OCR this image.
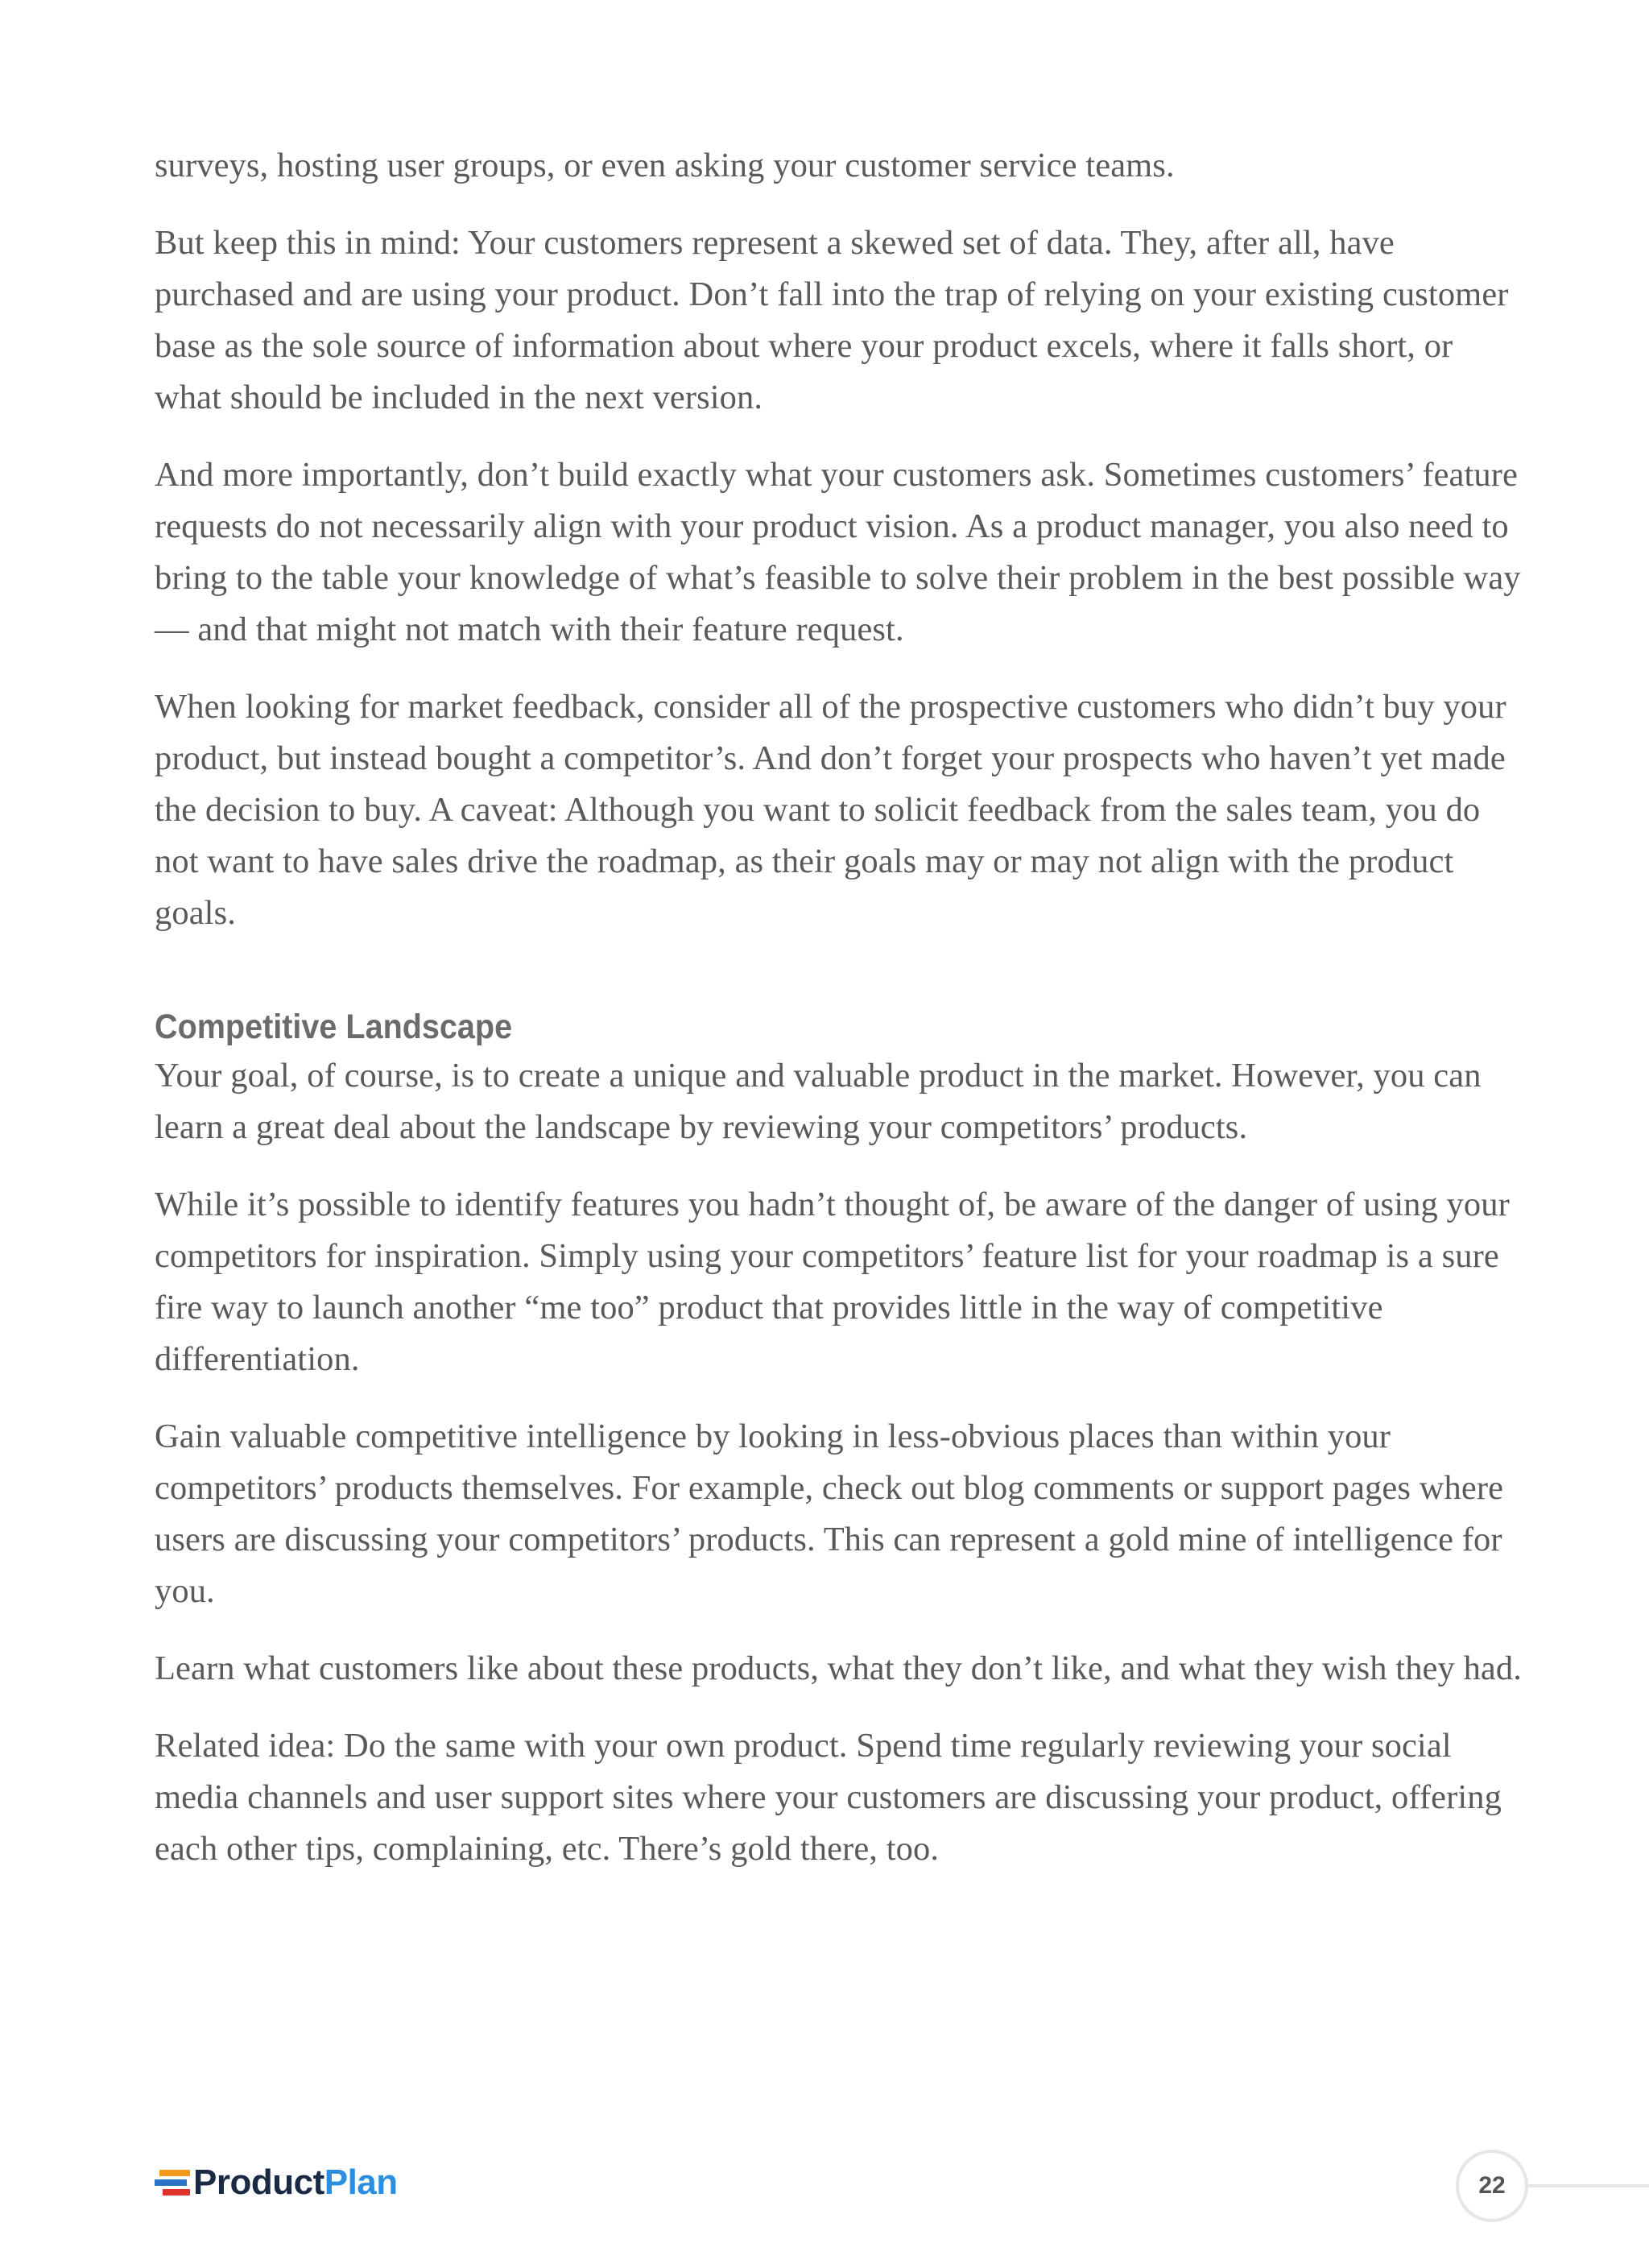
surveys, hosting user groups, or even asking your customer service teams.

But keep this in mind: Your customers represent a skewed set of data. They, after all, have purchased and are using your product. Don’t fall into the trap of relying on your existing customer base as the sole source of information about where your product excels, where it falls short, or what should be included in the next version.

And more importantly, don’t build exactly what your customers ask. Sometimes customers’ feature requests do not necessarily align with your product vision. As a product manager, you also need to bring to the table your knowledge of what’s feasible to solve their problem in the best possible way — and that might not match with their feature request.

When looking for market feedback, consider all of the prospective customers who didn’t buy your product, but instead bought a competitor’s. And don’t forget your prospects who haven’t yet made the decision to buy. A caveat: Although you want to solicit feedback from the sales team, you do not want to have sales drive the roadmap, as their goals may or may not align with the product goals.

Competitive Landscape

Your goal, of course, is to create a unique and valuable product in the market. However, you can learn a great deal about the landscape by reviewing your competitors’ products.

While it’s possible to identify features you hadn’t thought of, be aware of the danger of using your competitors for inspiration. Simply using your competitors’ feature list for your roadmap is a sure fire way to launch another “me too” product that provides little in the way of competitive differentiation.

Gain valuable competitive intelligence by looking in less-obvious places than within your competitors’ products themselves. For example, check out blog comments or support pages where users are discussing your competitors’ products. This can represent a gold mine of intelligence for you.

Learn what customers like about these products, what they don’t like, and what they wish they had.

Related idea: Do the same with your own product. Spend time regularly reviewing your social media channels and user support sites where your customers are discussing your product, offering each other tips, complaining, etc. There’s gold there, too.

ProductPlan	22
